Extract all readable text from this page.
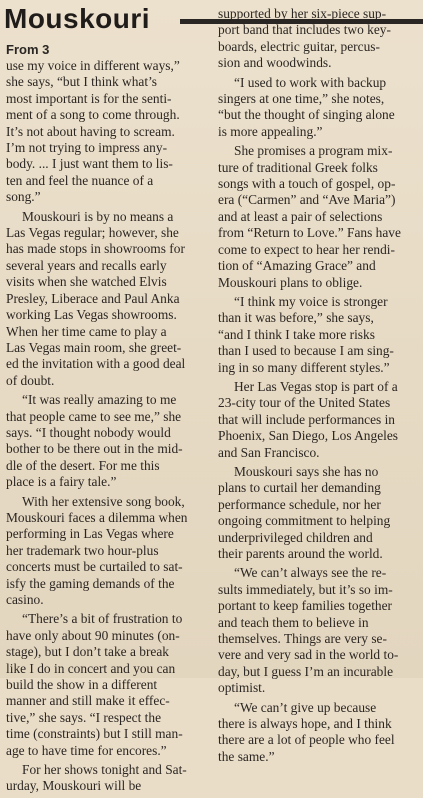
Mouskouri
From 3
use my voice in different ways,”
she says, “but I think what’s
most important is for the senti-
ment of a song to come through.
It’s not about having to scream.
I’m not trying to impress any-
body. ... I just want them to lis-
ten and feel the nuance of a
song.”
Mouskouri is by no means a
Las Vegas regular; however, she
has made stops in showrooms for
several years and recalls early
visits when she watched Elvis
Presley, Liberace and Paul Anka
working Las Vegas showrooms.
When her time came to play a
Las Vegas main room, she greet-
ed the invitation with a good deal
of doubt.
“It was really amazing to me
that people came to see me,” she
says. “I thought nobody would
bother to be there out in the mid-
dle of the desert. For me this
place is a fairy tale.”
With her extensive song book,
Mouskouri faces a dilemma when
performing in Las Vegas where
her trademark two hour-plus
concerts must be curtailed to sat-
isfy the gaming demands of the
casino.
“There’s a bit of frustration to
have only about 90 minutes (on-
stage), but I don’t take a break
like I do in concert and you can
build the show in a different
manner and still make it effec-
tive,” she says. “I respect the
time (constraints) but I still man-
age to have time for encores.”
For her shows tonight and Sat-
urday, Mouskouri will be
supported by her six-piece sup-
port band that includes two key-
boards, electric guitar, percus-
sion and woodwinds.
“I used to work with backup
singers at one time,” she notes,
“but the thought of singing alone
is more appealing.”
She promises a program mix-
ture of traditional Greek folks
songs with a touch of gospel, op-
era (“Carmen” and “Ave Maria”)
and at least a pair of selections
from “Return to Love.” Fans have
come to expect to hear her rendi-
tion of “Amazing Grace” and
Mouskouri plans to oblige.
“I think my voice is stronger
than it was before,” she says,
“and I think I take more risks
than I used to because I am sing-
ing in so many different styles.”
Her Las Vegas stop is part of a
23-city tour of the United States
that will include performances in
Phoenix, San Diego, Los Angeles
and San Francisco.
Mouskouri says she has no
plans to curtail her demanding
performance schedule, nor her
ongoing commitment to helping
underprivileged children and
their parents around the world.
“We can’t always see the re-
sults immediately, but it’s so im-
portant to keep families together
and teach them to believe in
themselves. Things are very se-
vere and very sad in the world to-
day, but I guess I’m an incurable
optimist.
“We can’t give up because
there is always hope, and I think
there are a lot of people who feel
the same.”
